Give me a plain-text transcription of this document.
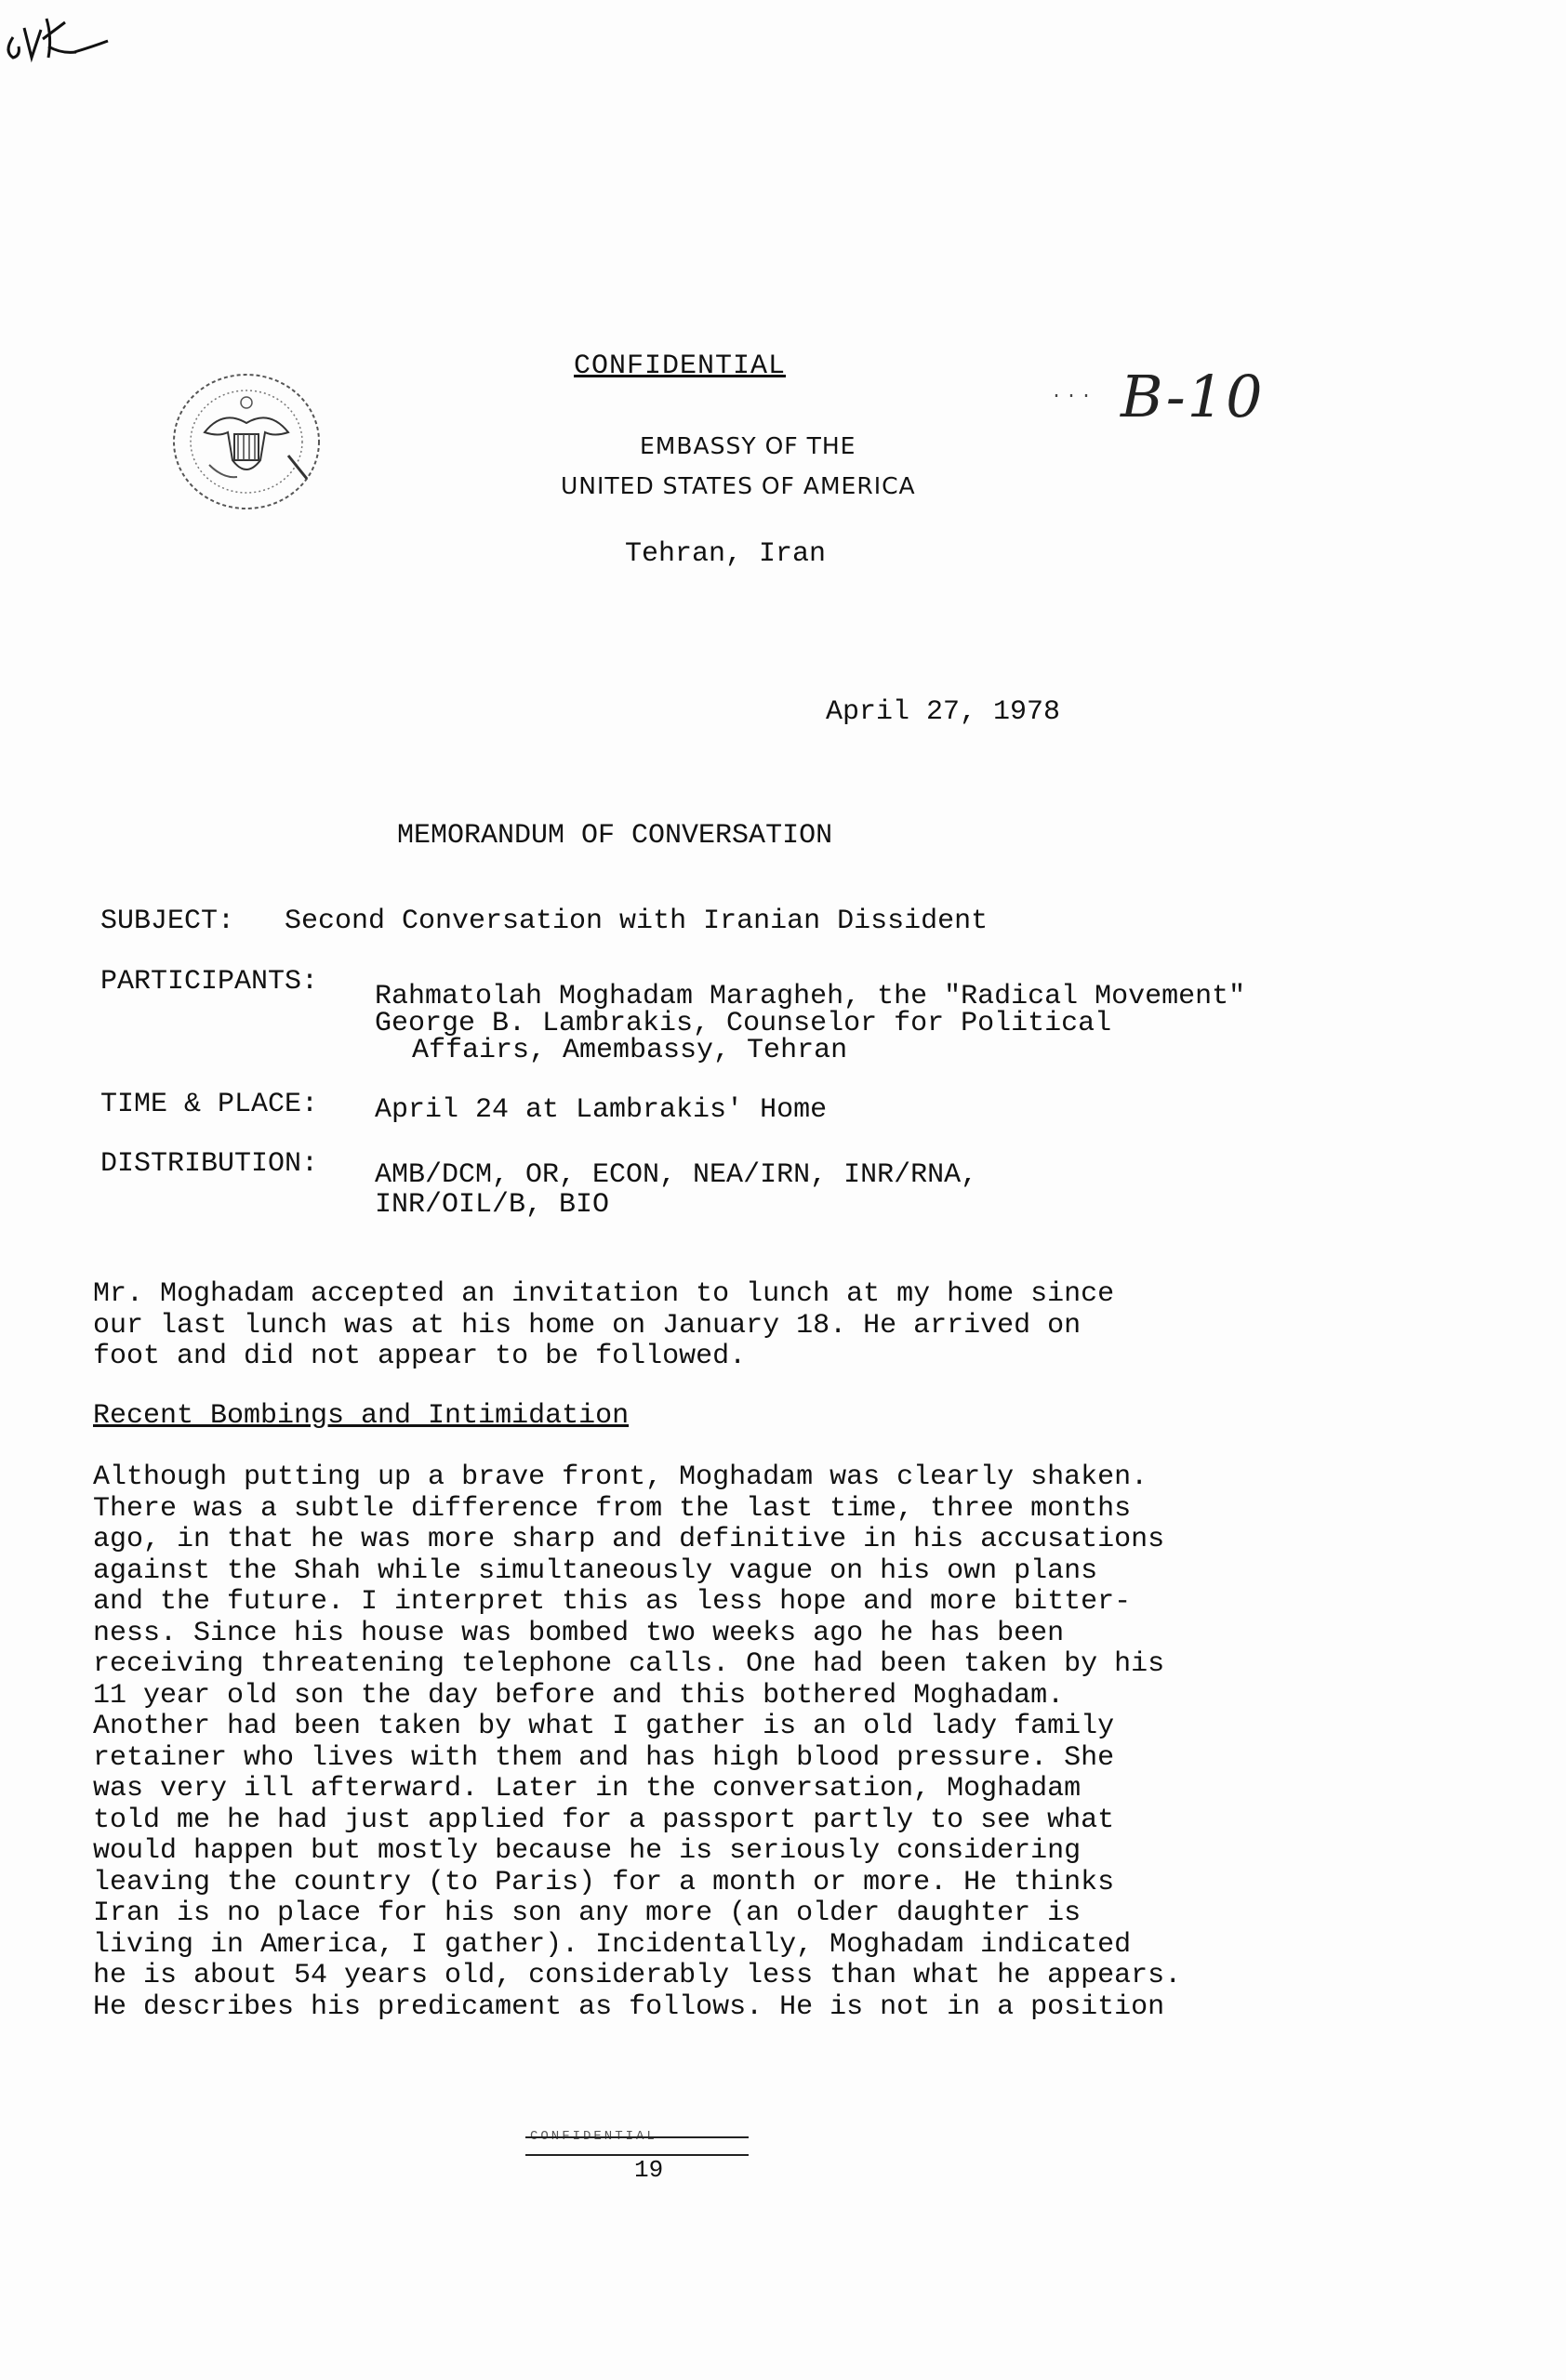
CONFIDENTIAL
··· B-10
EMBASSY OF THE
UNITED STATES OF AMERICA
Tehran, Iran
April 27, 1978
MEMORANDUM OF CONVERSATION
SUBJECT: Second Conversation with Iranian Dissident
PARTICIPANTS: Rahmatolah Moghadam Maragheh, the "Radical Movement"
George B. Lambrakis, Counselor for Political
Affairs, Amembassy, Tehran
TIME & PLACE: April 24 at Lambrakis' Home
DISTRIBUTION: AMB/DCM, OR, ECON, NEA/IRN, INR/RNA,
INR/OIL/B, BIO
Mr. Moghadam accepted an invitation to lunch at my home since
our last lunch was at his home on January 18. He arrived on
foot and did not appear to be followed.
Recent Bombings and Intimidation
Although putting up a brave front, Moghadam was clearly shaken.
There was a subtle difference from the last time, three months
ago, in that he was more sharp and definitive in his accusations
against the Shah while simultaneously vague on his own plans
and the future. I interpret this as less hope and more bitter-
ness. Since his house was bombed two weeks ago he has been
receiving threatening telephone calls. One had been taken by his
11 year old son the day before and this bothered Moghadam.
Another had been taken by what I gather is an old lady family
retainer who lives with them and has high blood pressure. She
was very ill afterward. Later in the conversation, Moghadam
told me he had just applied for a passport partly to see what
would happen but mostly because he is seriously considering
leaving the country (to Paris) for a month or more. He thinks
Iran is no place for his son any more (an older daughter is
living in America, I gather). Incidentally, Moghadam indicated
he is about 54 years old, considerably less than what he appears.
He describes his predicament as follows. He is not in a position
CONFIDENTIAL
19
